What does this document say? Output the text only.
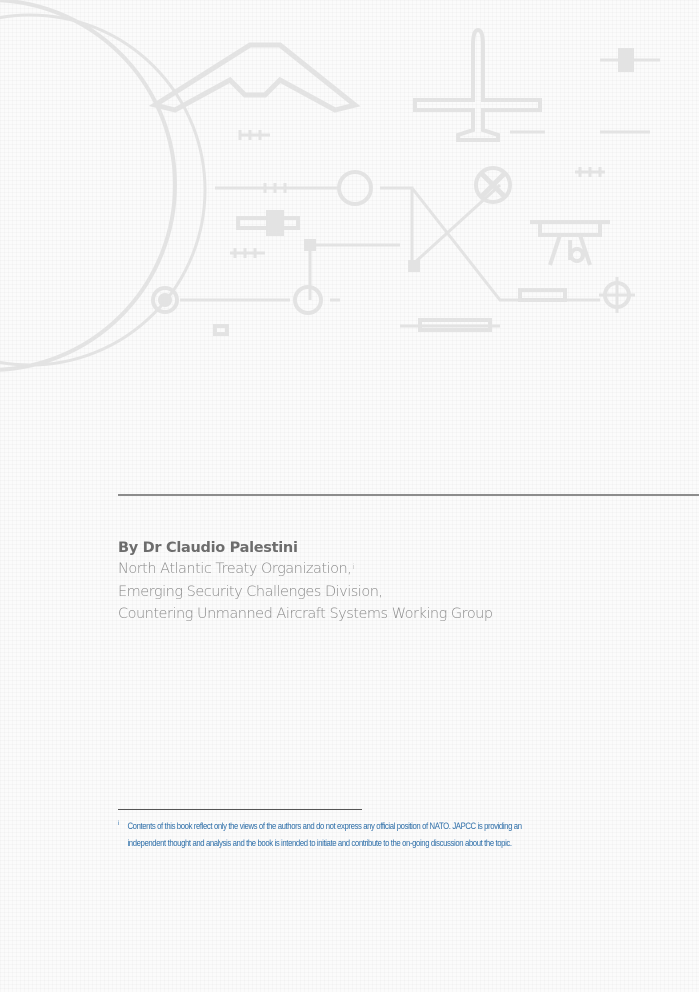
By Dr Claudio Palestini
North Atlantic Treaty Organization,$^i$
Emerging Security Challenges Division,
Countering Unmanned Aircraft Systems Working Group
i Contents of this book reflect only the views of the authors and do not express any official position of NATO. JAPCC is providing an
independent thought and analysis and the book is intended to initiate and contribute to the on-going discussion about the topic.
